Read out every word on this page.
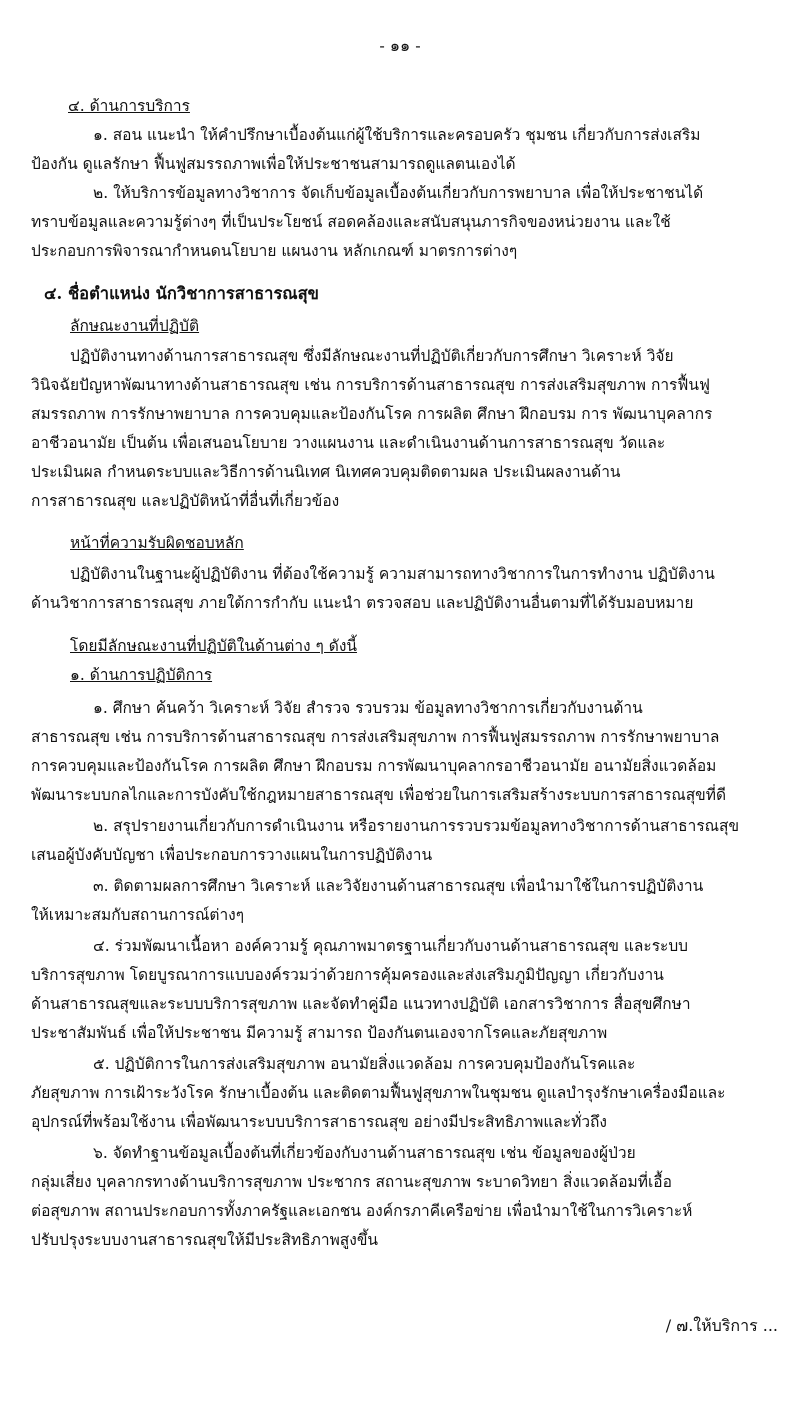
- ๑๑ -
๔. ด้านการบริการ
๑. สอน แนะนำ ให้คำปรึกษาเบื้องต้นแก่ผู้ใช้บริการและครอบครัว ชุมชน เกี่ยวกับการส่งเสริม
ป้องกัน ดูแลรักษา ฟื้นฟูสมรรถภาพเพื่อให้ประชาชนสามารถดูแลตนเองได้
๒. ให้บริการข้อมูลทางวิชาการ จัดเก็บข้อมูลเบื้องต้นเกี่ยวกับการพยาบาล เพื่อให้ประชาชนได้
ทราบข้อมูลและความรู้ต่างๆ ที่เป็นประโยชน์ สอดคล้องและสนับสนุนภารกิจของหน่วยงาน และใช้
ประกอบการพิจารณากำหนดนโยบาย แผนงาน หลักเกณฑ์ มาตรการต่างๆ
๔. ชื่อตำแหน่ง นักวิชาการสาธารณสุข
ลักษณะงานที่ปฏิบัติ
ปฏิบัติงานทางด้านการสาธารณสุข ซึ่งมีลักษณะงานที่ปฏิบัติเกี่ยวกับการศึกษา วิเคราะห์ วิจัย
วินิจฉัยปัญหาพัฒนาทางด้านสาธารณสุข เช่น การบริการด้านสาธารณสุข การส่งเสริมสุขภาพ การฟื้นฟู
สมรรถภาพ การรักษาพยาบาล การควบคุมและป้องกันโรค การผลิต ศึกษา ฝึกอบรม การ พัฒนาบุคลากร
อาชีวอนามัย เป็นต้น เพื่อเสนอนโยบาย วางแผนงาน และดำเนินงานด้านการสาธารณสุข วัดและ
ประเมินผล กำหนดระบบและวิธีการด้านนิเทศ นิเทศควบคุมติดตามผล ประเมินผลงานด้าน
การสาธารณสุข และปฏิบัติหน้าที่อื่นที่เกี่ยวข้อง
หน้าที่ความรับผิดชอบหลัก
ปฏิบัติงานในฐานะผู้ปฏิบัติงาน ที่ต้องใช้ความรู้ ความสามารถทางวิชาการในการทำงาน ปฏิบัติงาน
ด้านวิชาการสาธารณสุข ภายใต้การกำกับ แนะนำ ตรวจสอบ และปฏิบัติงานอื่นตามที่ได้รับมอบหมาย
โดยมีลักษณะงานที่ปฏิบัติในด้านต่าง ๆ ดังนี้
๑. ด้านการปฏิบัติการ
๑. ศึกษา ค้นคว้า วิเคราะห์ วิจัย สำรวจ รวบรวม ข้อมูลทางวิชาการเกี่ยวกับงานด้าน
สาธารณสุข เช่น การบริการด้านสาธารณสุข การส่งเสริมสุขภาพ การฟื้นฟูสมรรถภาพ การรักษาพยาบาล
การควบคุมและป้องกันโรค การผลิต ศึกษา ฝึกอบรม การพัฒนาบุคลากรอาชีวอนามัย อนามัยสิ่งแวดล้อม
พัฒนาระบบกลไกและการบังคับใช้กฎหมายสาธารณสุข เพื่อช่วยในการเสริมสร้างระบบการสาธารณสุขที่ดี
๒. สรุปรายงานเกี่ยวกับการดำเนินงาน หรือรายงานการรวบรวมข้อมูลทางวิชาการด้านสาธารณสุข
เสนอผู้บังคับบัญชา เพื่อประกอบการวางแผนในการปฏิบัติงาน
๓. ติดตามผลการศึกษา วิเคราะห์ และวิจัยงานด้านสาธารณสุข เพื่อนำมาใช้ในการปฏิบัติงาน
ให้เหมาะสมกับสถานการณ์ต่างๆ
๔. ร่วมพัฒนาเนื้อหา องค์ความรู้ คุณภาพมาตรฐานเกี่ยวกับงานด้านสาธารณสุข และระบบ
บริการสุขภาพ โดยบูรณาการแบบองค์รวมว่าด้วยการคุ้มครองและส่งเสริมภูมิปัญญา เกี่ยวกับงาน
ด้านสาธารณสุขและระบบบริการสุขภาพ และจัดทำคู่มือ แนวทางปฏิบัติ เอกสารวิชาการ สื่อสุขศึกษา
ประชาสัมพันธ์ เพื่อให้ประชาชน มีความรู้ สามารถ ป้องกันตนเองจากโรคและภัยสุขภาพ
๕. ปฏิบัติการในการส่งเสริมสุขภาพ อนามัยสิ่งแวดล้อม การควบคุมป้องกันโรคและ
ภัยสุขภาพ การเฝ้าระวังโรค รักษาเบื้องต้น และติดตามฟื้นฟูสุขภาพในชุมชน ดูแลบำรุงรักษาเครื่องมือและ
อุปกรณ์ที่พร้อมใช้งาน เพื่อพัฒนาระบบบริการสาธารณสุข อย่างมีประสิทธิภาพและทั่วถึง
๖. จัดทำฐานข้อมูลเบื้องต้นที่เกี่ยวข้องกับงานด้านสาธารณสุข เช่น ข้อมูลของผู้ป่วย
กลุ่มเสี่ยง บุคลากรทางด้านบริการสุขภาพ ประชากร สถานะสุขภาพ ระบาดวิทยา สิ่งแวดล้อมที่เอื้อ
ต่อสุขภาพ สถานประกอบการทั้งภาครัฐและเอกชน องค์กรภาคีเครือข่าย เพื่อนำมาใช้ในการวิเคราะห์
ปรับปรุงระบบงานสาธารณสุขให้มีประสิทธิภาพสูงขึ้น
/ ๗.ให้บริการ ...
